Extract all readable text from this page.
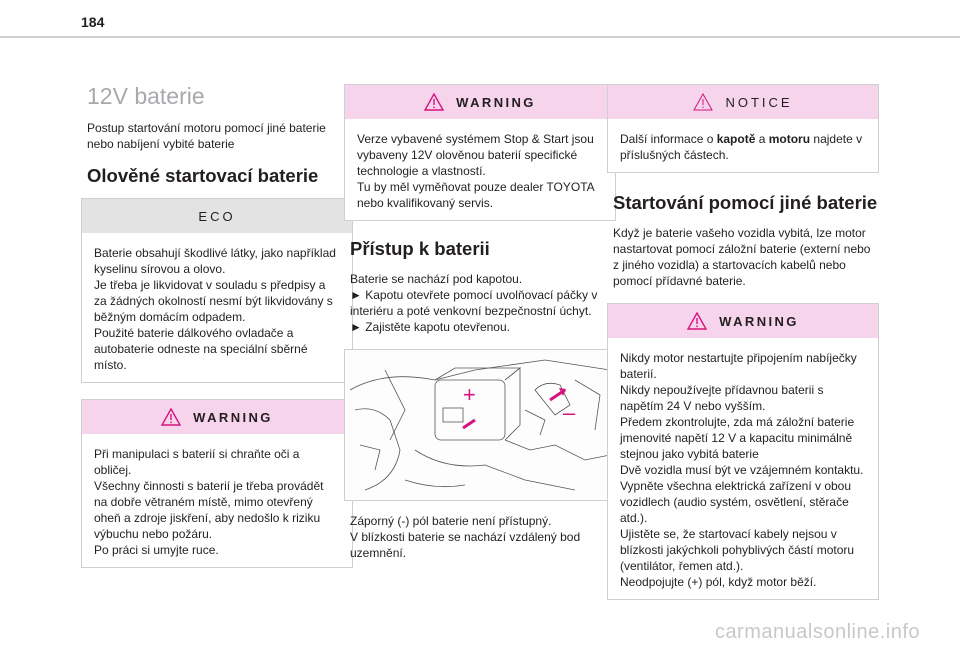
184
12V baterie
Postup startování motoru pomocí jiné baterie nebo nabíjení vybité baterie
Olověné startovací baterie
ECO
Baterie obsahují škodlivé látky, jako například kyselinu sírovou a olovo.
Je třeba je likvidovat v souladu s předpisy a za žádných okolností nesmí být likvidovány s běžným domácím odpadem.
Použité baterie dálkového ovladače a autobaterie odneste na speciální sběrné místo.
WARNING
Při manipulaci s baterií si chraňte oči a obličej.
Všechny činnosti s baterií je třeba provádět na dobře větraném místě, mimo otevřený oheň a zdroje jiskření, aby nedošlo k riziku výbuchu nebo požáru.
Po práci si umyjte ruce.
WARNING
Verze vybavené systémem Stop & Start jsou vybaveny 12V olověnou baterií specifické technologie a vlastností.
Tu by měl vyměňovat pouze dealer TOYOTA nebo kvalifikovaný servis.
Přístup k baterii
Baterie se nachází pod kapotou.
► Kapotu otevřete pomocí uvolňovací páčky v interiéru a poté venkovní bezpečnostní úchyt.
► Zajistěte kapotu otevřenou.
+
–
Záporný (-) pól baterie není přístupný.
V blízkosti baterie se nachází vzdálený bod uzemnění.
NOTICE
Další informace o kapotě a motoru najdete v příslušných částech.
Startování pomocí jiné baterie
Když je baterie vašeho vozidla vybitá, lze motor nastartovat pomocí záložní baterie (externí nebo z jiného vozidla) a startovacích kabelů nebo pomocí přídavné baterie.
WARNING
Nikdy motor nestartujte připojením nabíječky baterií.
Nikdy nepoužívejte přídavnou baterii s napětím 24 V nebo vyšším.
Předem zkontrolujte, zda má záložní baterie jmenovité napětí 12 V a kapacitu minimálně stejnou jako vybitá baterie
Dvě vozidla musí být ve vzájemném kontaktu.
Vypněte všechna elektrická zařízení v obou vozidlech (audio systém, osvětlení, stěrače atd.).
Ujistěte se, že startovací kabely nejsou v blízkosti jakýchkoli pohyblivých částí motoru (ventilátor, řemen atd.).
Neodpojujte (+) pól, když motor běží.
carmanualsonline.info
